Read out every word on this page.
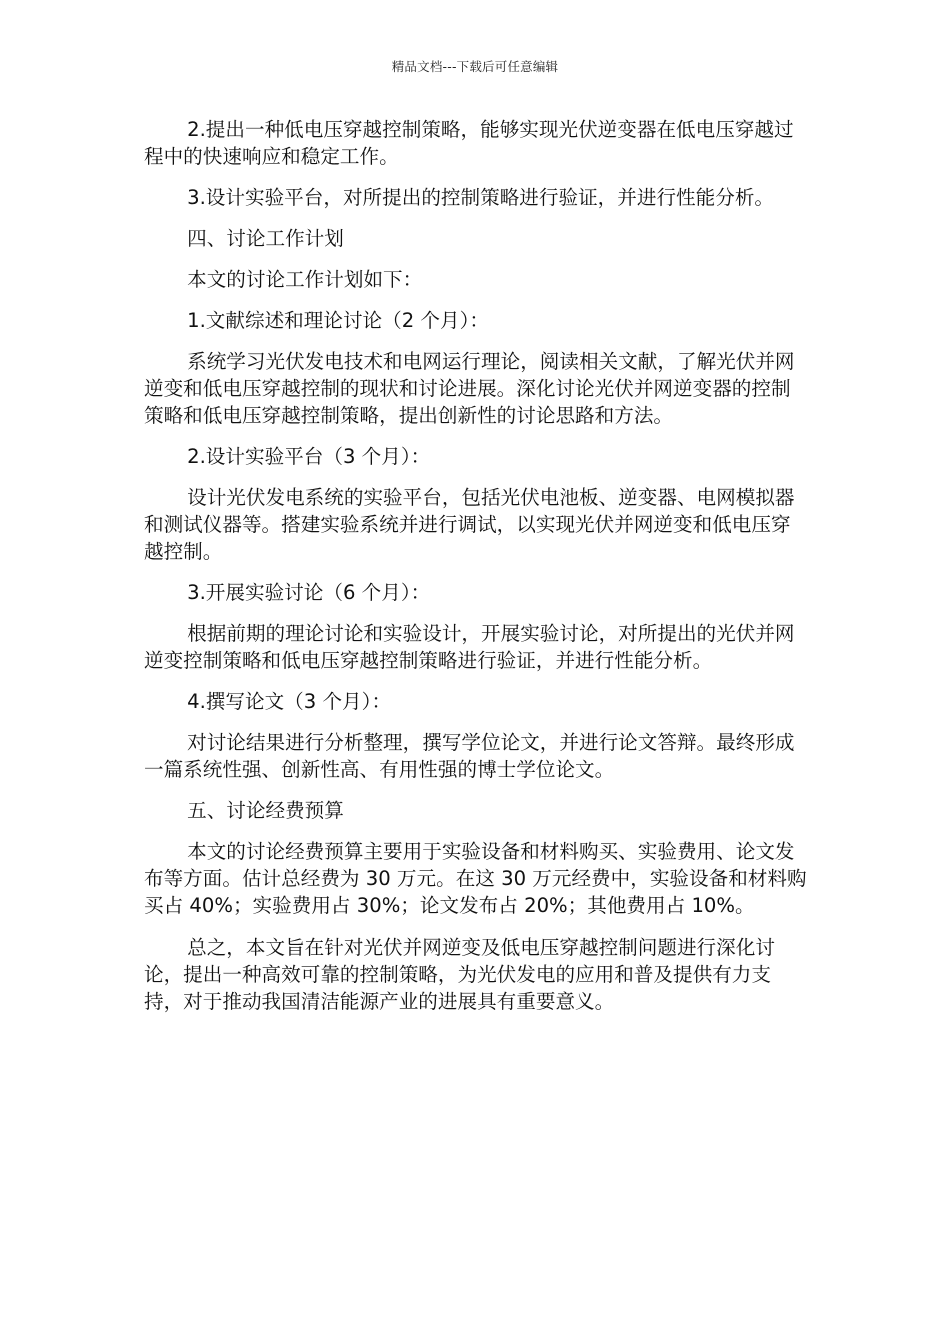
精品文档---下载后可任意编辑

2.提出一种低电压穿越控制策略，能够实现光伏逆变器在低电压穿越过程中的快速响应和稳定工作。

3.设计实验平台，对所提出的控制策略进行验证，并进行性能分析。

四、讨论工作计划

本文的讨论工作计划如下：

1.文献综述和理论讨论（2 个月）：

系统学习光伏发电技术和电网运行理论，阅读相关文献，了解光伏并网逆变和低电压穿越控制的现状和讨论进展。深化讨论光伏并网逆变器的控制策略和低电压穿越控制策略，提出创新性的讨论思路和方法。

2.设计实验平台（3 个月）：

设计光伏发电系统的实验平台，包括光伏电池板、逆变器、电网模拟器和测试仪器等。搭建实验系统并进行调试，以实现光伏并网逆变和低电压穿越控制。

3.开展实验讨论（6 个月）：

根据前期的理论讨论和实验设计，开展实验讨论，对所提出的光伏并网逆变控制策略和低电压穿越控制策略进行验证，并进行性能分析。

4.撰写论文（3 个月）：

对讨论结果进行分析整理，撰写学位论文，并进行论文答辩。最终形成一篇系统性强、创新性高、有用性强的博士学位论文。

五、讨论经费预算

本文的讨论经费预算主要用于实验设备和材料购买、实验费用、论文发布等方面。估计总经费为 30 万元。在这 30 万元经费中，实验设备和材料购买占 40%；实验费用占 30%；论文发布占 20%；其他费用占 10%。

总之，本文旨在针对光伏并网逆变及低电压穿越控制问题进行深化讨论，提出一种高效可靠的控制策略，为光伏发电的应用和普及提供有力支持，对于推动我国清洁能源产业的进展具有重要意义。
